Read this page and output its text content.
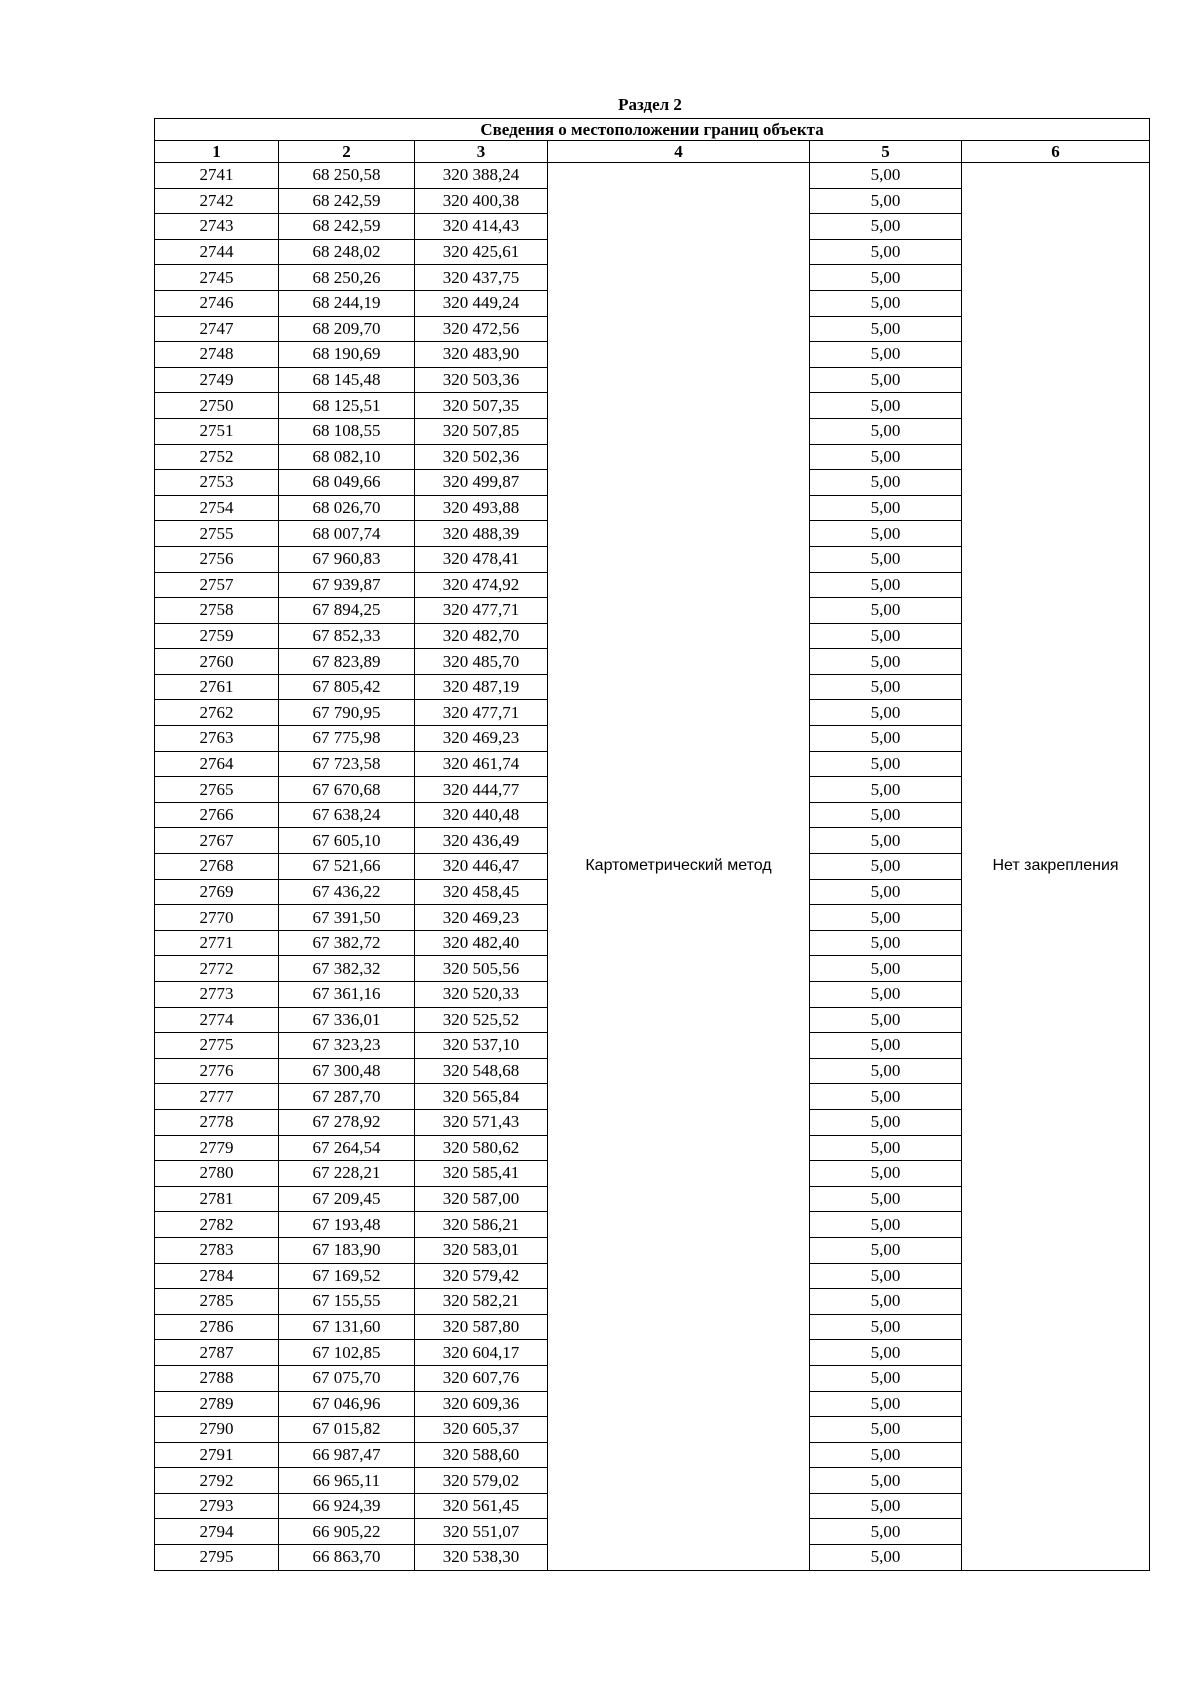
Раздел 2
Сведения о местоположении границ объекта					
1	2	3	4	5	6
2741	68 250,58	320 388,24	Картометрический метод	5,00	Нет закрепления
2742	68 242,59	320 400,38		5,00	
2743	68 242,59	320 414,43		5,00	
2744	68 248,02	320 425,61		5,00	
2745	68 250,26	320 437,75		5,00	
2746	68 244,19	320 449,24		5,00	
2747	68 209,70	320 472,56		5,00	
2748	68 190,69	320 483,90		5,00	
2749	68 145,48	320 503,36		5,00	
2750	68 125,51	320 507,35		5,00	
2751	68 108,55	320 507,85		5,00	
2752	68 082,10	320 502,36		5,00	
2753	68 049,66	320 499,87		5,00	
2754	68 026,70	320 493,88		5,00	
2755	68 007,74	320 488,39		5,00	
2756	67 960,83	320 478,41		5,00	
2757	67 939,87	320 474,92		5,00	
2758	67 894,25	320 477,71		5,00	
2759	67 852,33	320 482,70		5,00	
2760	67 823,89	320 485,70		5,00	
2761	67 805,42	320 487,19		5,00	
2762	67 790,95	320 477,71		5,00	
2763	67 775,98	320 469,23		5,00	
2764	67 723,58	320 461,74		5,00	
2765	67 670,68	320 444,77		5,00	
2766	67 638,24	320 440,48		5,00	
2767	67 605,10	320 436,49		5,00	
2768	67 521,66	320 446,47		5,00	
2769	67 436,22	320 458,45		5,00	
2770	67 391,50	320 469,23		5,00	
2771	67 382,72	320 482,40		5,00	
2772	67 382,32	320 505,56		5,00	
2773	67 361,16	320 520,33		5,00	
2774	67 336,01	320 525,52		5,00	
2775	67 323,23	320 537,10		5,00	
2776	67 300,48	320 548,68		5,00	
2777	67 287,70	320 565,84		5,00	
2778	67 278,92	320 571,43		5,00	
2779	67 264,54	320 580,62		5,00	
2780	67 228,21	320 585,41		5,00	
2781	67 209,45	320 587,00		5,00	
2782	67 193,48	320 586,21		5,00	
2783	67 183,90	320 583,01		5,00	
2784	67 169,52	320 579,42		5,00	
2785	67 155,55	320 582,21		5,00	
2786	67 131,60	320 587,80		5,00	
2787	67 102,85	320 604,17		5,00	
2788	67 075,70	320 607,76		5,00	
2789	67 046,96	320 609,36		5,00	
2790	67 015,82	320 605,37		5,00	
2791	66 987,47	320 588,60		5,00	
2792	66 965,11	320 579,02		5,00	
2793	66 924,39	320 561,45		5,00	
2794	66 905,22	320 551,07		5,00	
2795	66 863,70	320 538,30		5,00	
